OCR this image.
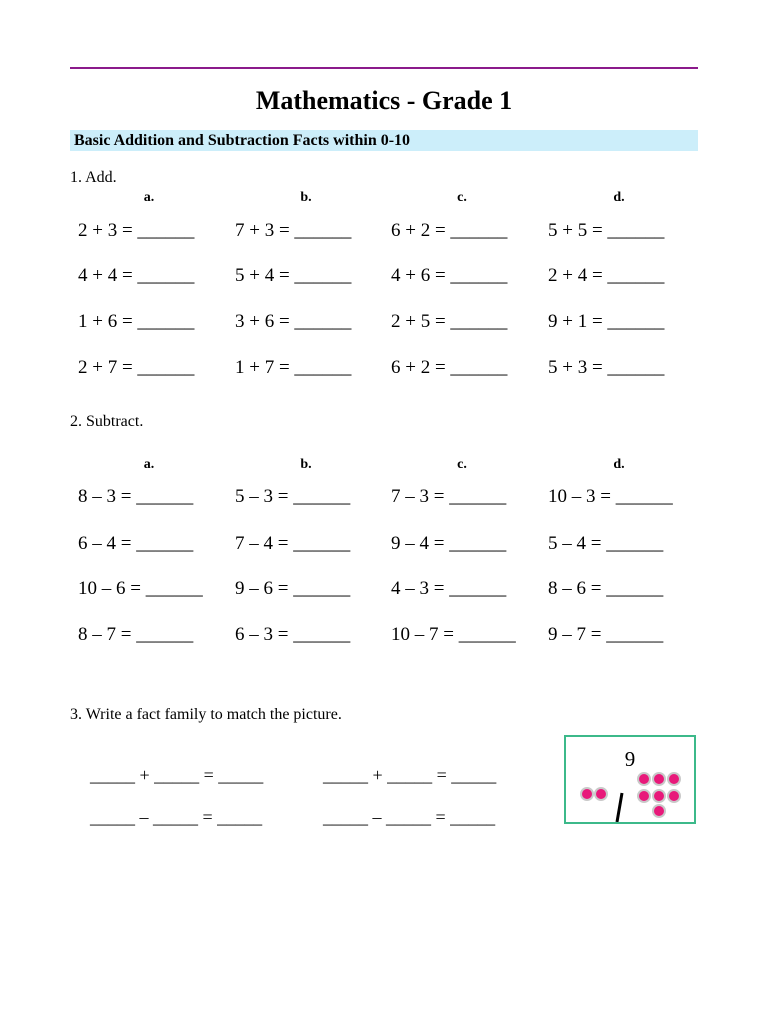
Mathematics - Grade 1
Basic Addition and Subtraction Facts within 0-10
1. Add.
a.	b.	c.	d.
2 + 3 = ______ 7 + 3 = ______ 6 + 2 = ______ 5 + 5 = ______
4 + 4 = ______ 5 + 4 = ______ 4 + 6 = ______ 2 + 4 = ______
1 + 6 = ______ 3 + 6 = ______ 2 + 5 = ______ 9 + 1 = ______
2 + 7 = ______ 1 + 7 = ______ 6 + 2 = ______ 5 + 3 = ______
2. Subtract.
a.	b.	c.	d.
8 – 3 = ______ 5 – 3 = ______ 7 – 3 = ______ 10 – 3 = ______
6 – 4 = ______ 7 – 4 = ______ 9 – 4 = ______ 5 – 4 = ______
10 – 6 = ______ 9 – 6 = ______ 4 – 3 = ______ 8 – 6 = ______
8 – 7 = ______ 6 – 3 = ______ 10 – 7 = ______ 9 – 7 = ______
3. Write a fact family to match the picture.
_____ + _____ = _____	_____ + _____ = _____
_____ – _____ = _____	_____ – _____ = _____
9
